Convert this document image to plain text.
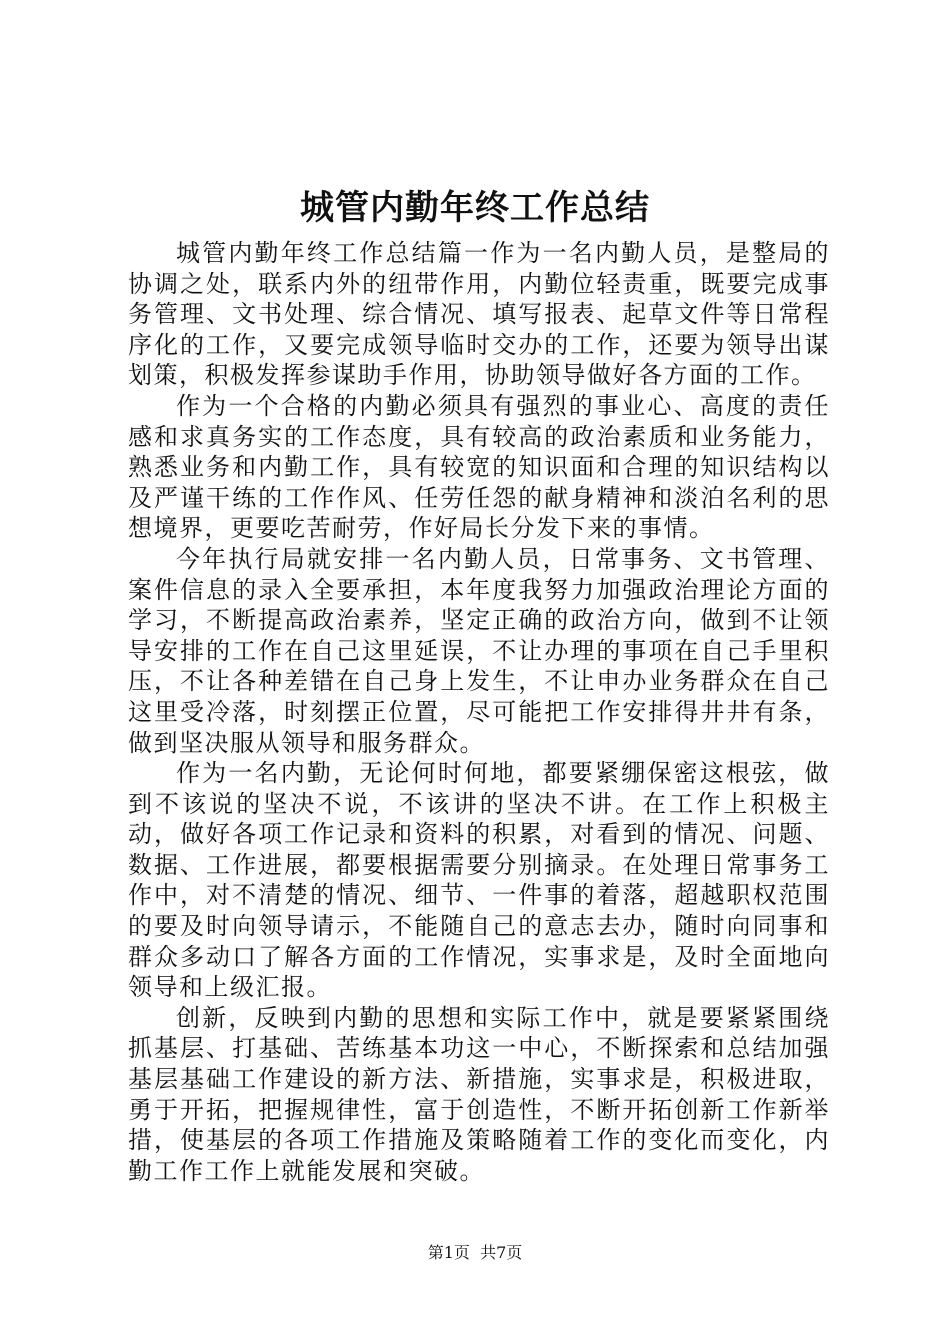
城管内勤年终工作总结

城管内勤年终工作总结篇一作为一名内勤人员，是整局的协调之处，联系内外的纽带作用，内勤位轻责重，既要完成事务管理、文书处理、综合情况、填写报表、起草文件等日常程序化的工作，又要完成领导临时交办的工作，还要为领导出谋划策，积极发挥参谋助手作用，协助领导做好各方面的工作。

作为一个合格的内勤必须具有强烈的事业心、高度的责任感和求真务实的工作态度，具有较高的政治素质和业务能力，熟悉业务和内勤工作，具有较宽的知识面和合理的知识结构以及严谨干练的工作作风、任劳任怨的献身精神和淡泊名利的思想境界，更要吃苦耐劳，作好局长分发下来的事情。

今年执行局就安排一名内勤人员，日常事务、文书管理、案件信息的录入全要承担，本年度我努力加强政治理论方面的学习，不断提高政治素养，坚定正确的政治方向，做到不让领导安排的工作在自己这里延误，不让办理的事项在自己手里积压，不让各种差错在自己身上发生，不让申办业务群众在自己这里受冷落，时刻摆正位置，尽可能把工作安排得井井有条，做到坚决服从领导和服务群众。

作为一名内勤，无论何时何地，都要紧绷保密这根弦，做到不该说的坚决不说，不该讲的坚决不讲。在工作上积极主动，做好各项工作记录和资料的积累，对看到的情况、问题、数据、工作进展，都要根据需要分别摘录。在处理日常事务工作中，对不清楚的情况、细节、一件事的着落，超越职权范围的要及时向领导请示，不能随自己的意志去办，随时向同事和群众多动口了解各方面的工作情况，实事求是，及时全面地向领导和上级汇报。

创新，反映到内勤的思想和实际工作中，就是要紧紧围绕抓基层、打基础、苦练基本功这一中心，不断探索和总结加强基层基础工作建设的新方法、新措施，实事求是，积极进取，勇于开拓，把握规律性，富于创造性，不断开拓创新工作新举措，使基层的各项工作措施及策略随着工作的变化而变化，内勤工作工作上就能发展和突破。

第1页  共7页
